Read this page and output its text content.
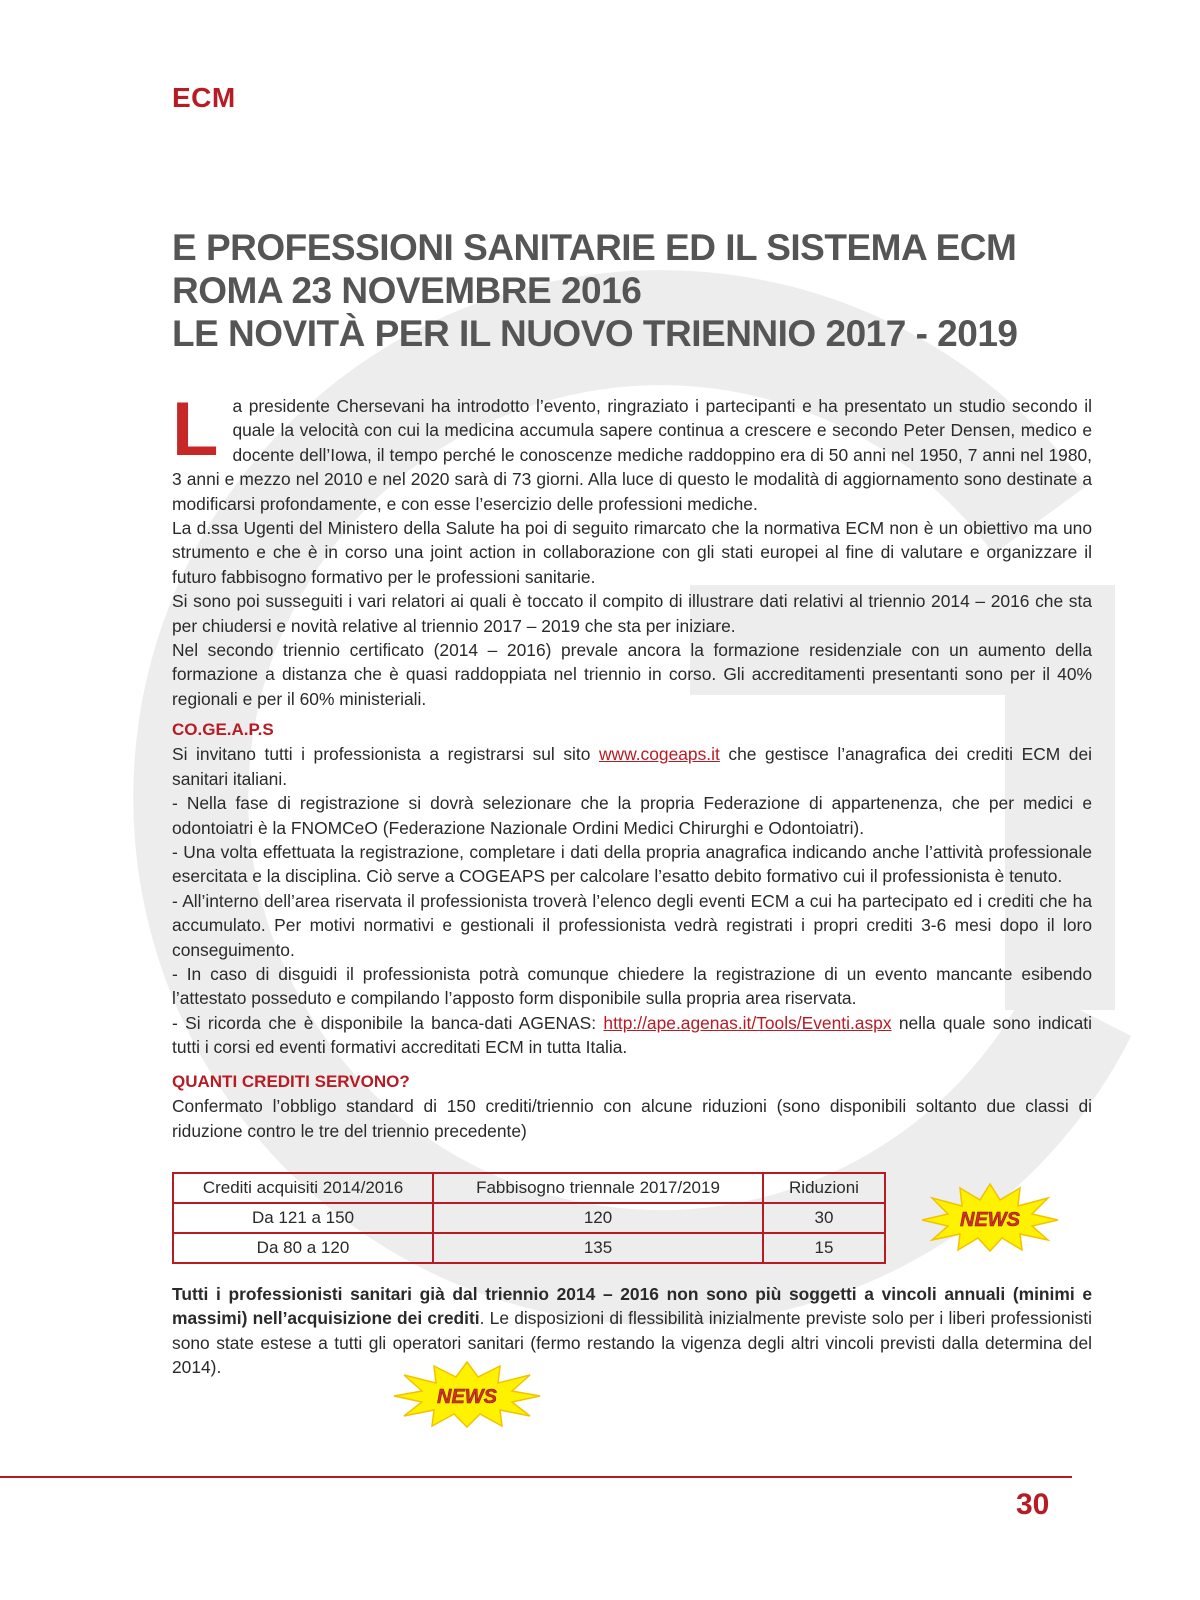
ECM
E PROFESSIONI SANITARIE ED IL SISTEMA ECM
ROMA 23 NOVEMBRE 2016
LE NOVITÀ PER IL NUOVO TRIENNIO 2017 - 2019
L a presidente Chersevani ha introdotto l’evento, ringraziato i partecipanti e ha presentato un studio secondo il quale la velocità con cui la medicina accumula sapere continua a crescere e secondo Peter Densen, medico e docente dell’Iowa, il tempo perché le conoscenze mediche raddoppino era di 50 anni nel 1950, 7 anni nel 1980, 3 anni e mezzo nel 2010 e nel 2020 sarà di 73 giorni. Alla luce di questo le modalità di aggiornamento sono destinate a modificarsi profondamente, e con esse l’esercizio delle professioni mediche.

La d.ssa Ugenti del Ministero della Salute ha poi di seguito rimarcato che la normativa ECM non è un obiettivo ma uno strumento e che è in corso una joint action in collaborazione con gli stati europei al fine di valutare e organizzare il futuro fabbisogno formativo per le professioni sanitarie.

Si sono poi susseguiti i vari relatori ai quali è toccato il compito di illustrare dati relativi al triennio 2014 – 2016 che sta per chiudersi e novità relative al triennio 2017 – 2019 che sta per iniziare.

Nel secondo triennio certificato (2014 – 2016) prevale ancora la formazione residenziale con un aumento della formazione a distanza che è quasi raddoppiata nel triennio in corso. Gli accreditamenti presentanti sono per il 40% regionali e per il 60% ministeriali.

CO.GE.A.P.S

Si invitano tutti i professionista a registrarsi sul sito www.cogeaps.it che gestisce l’anagrafica dei crediti ECM dei sanitari italiani.

- Nella fase di registrazione si dovrà selezionare che la propria Federazione di appartenenza, che per medici e odontoiatri è la FNOMCeO (Federazione Nazionale Ordini Medici Chirurghi e Odontoiatri).

- Una volta effettuata la registrazione, completare i dati della propria anagrafica indicando anche l’attività professionale esercitata e la disciplina. Ciò serve a COGEAPS per calcolare l’esatto debito formativo cui il professionista è tenuto.

- All’interno dell’area riservata il professionista troverà l’elenco degli eventi ECM a cui ha partecipato ed i crediti che ha accumulato. Per motivi normativi e gestionali il professionista vedrà registrati i propri crediti 3-6 mesi dopo il loro conseguimento.

- In caso di disguidi il professionista potrà comunque chiedere la registrazione di un evento mancante esibendo l’attestato posseduto e compilando l’apposto form disponibile sulla propria area riservata.

- Si ricorda che è disponibile la banca-dati AGENAS: http://ape.agenas.it/Tools/Eventi.aspx nella quale sono indicati tutti i corsi ed eventi formativi accreditati ECM in tutta Italia.

QUANTI CREDITI SERVONO?

Confermato l’obbligo standard di 150 crediti/triennio con alcune riduzioni (sono disponibili soltanto due classi di riduzione contro le tre del triennio precedente)

Crediti acquisiti 2014/2016	Fabbisogno triennale 2017/2019	Riduzioni
Da 121 a 150	120	30
Da 80 a 120	135	15
NEWS

Tutti i professionisti sanitari già dal triennio 2014 – 2016 non sono più soggetti a vincoli annuali (minimi e massimi) nell’acquisizione dei crediti. Le disposizioni di flessibilità inizialmente previste solo per i liberi professionisti sono state estese a tutti gli operatori sanitari (fermo restando la vigenza degli altri vincoli previsti dalla determina del 2014).

NEWS
30
